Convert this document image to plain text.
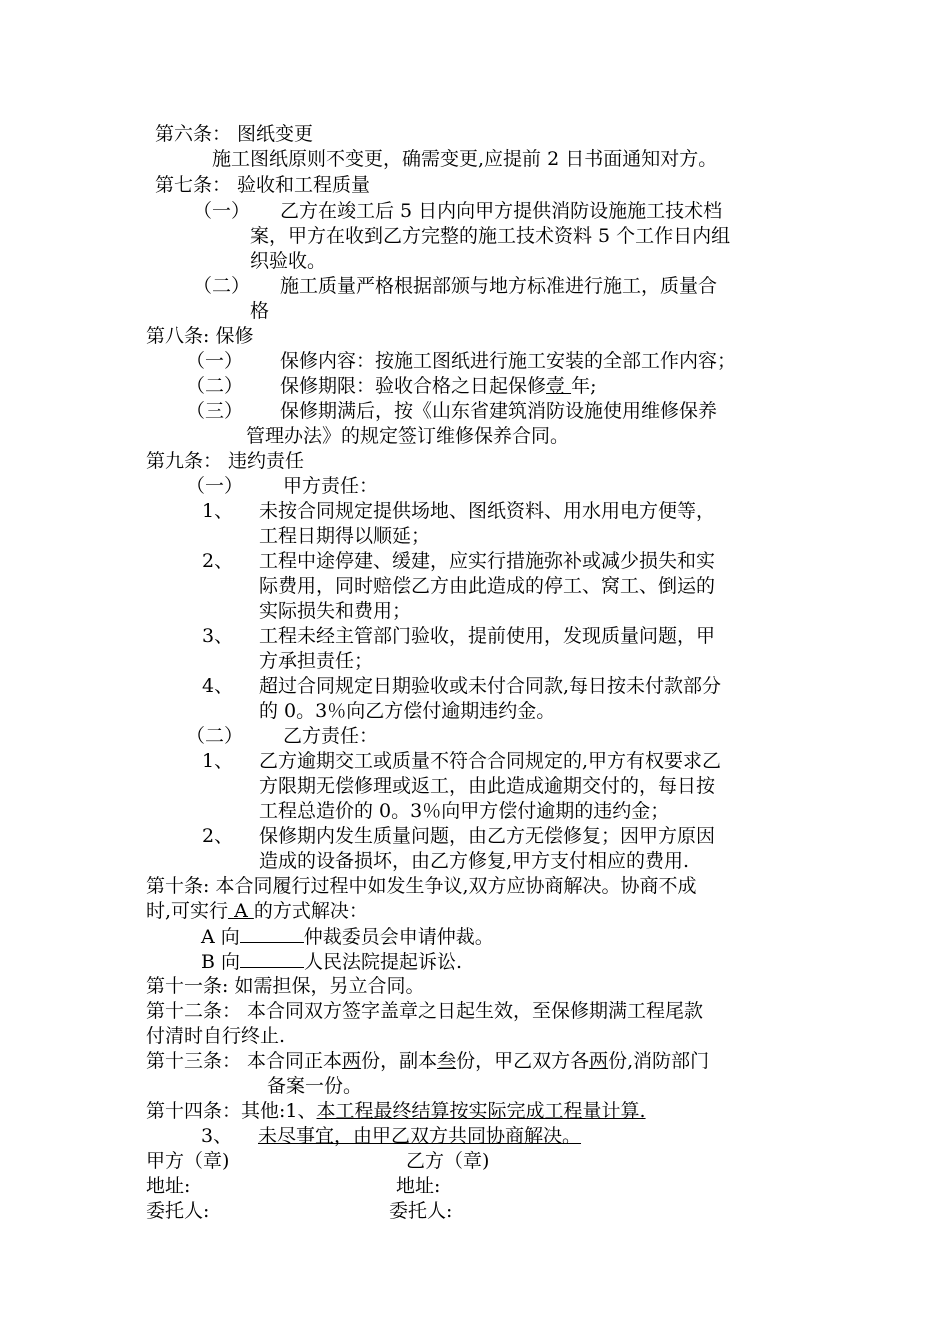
第六条： 图纸变更
施工图纸原则不变更，确需变更,应提前 2 日书面通知对方。
第七条： 验收和工程质量
（一） 乙方在竣工后 5 日内向甲方提供消防设施施工技术档
案，甲方在收到乙方完整的施工技术资料 5 个工作日内组
织验收。
（二） 施工质量严格根据部颁与地方标准进行施工，质量合
格
第八条: 保修
（一） 保修内容：按施工图纸进行施工安装的全部工作内容；
（二） 保修期限：验收合格之日起保修壹 年;
（三） 保修期满后，按《山东省建筑消防设施使用维修保养
管理办法》的规定签订维修保养合同。
第九条： 违约责任
（一） 甲方责任：
1、 未按合同规定提供场地、图纸资料、用水用电方便等，
工程日期得以顺延；
2、 工程中途停建、缓建，应实行措施弥补或减少损失和实
际费用，同时赔偿乙方由此造成的停工、窝工、倒运的
实际损失和费用；
3、 工程未经主管部门验收，提前使用，发现质量问题，甲
方承担责任；
4、 超过合同规定日期验收或未付合同款,每日按未付款部分
的 0。3％向乙方偿付逾期违约金。
（二） 乙方责任：
1、 乙方逾期交工或质量不符合合同规定的,甲方有权要求乙
方限期无偿修理或返工，由此造成逾期交付的，每日按
工程总造价的 0。3％向甲方偿付逾期的违约金；
2、 保修期内发生质量问题，由乙方无偿修复；因甲方原因
造成的设备损坏，由乙方修复,甲方支付相应的费用.
第十条: 本合同履行过程中如发生争议,双方应协商解决。协商不成
时,可实行 A 的方式解决：
A 向	仲裁委员会申请仲裁。
B 向	人民法院提起诉讼.
第十一条: 如需担保，另立合同。
第十二条： 本合同双方签字盖章之日起生效，至保修期满工程尾款
付清时自行终止.
第十三条： 本合同正本两份，副本叁份，甲乙双方各两份,消防部门
备案一份。
第十四条：其他:1、本工程最终结算按实际完成工程量计算.
3、 未尽事宜，由甲乙双方共同协商解决。
甲方（章)	乙方（章)
地址:	地址:
委托人:	委托人:
